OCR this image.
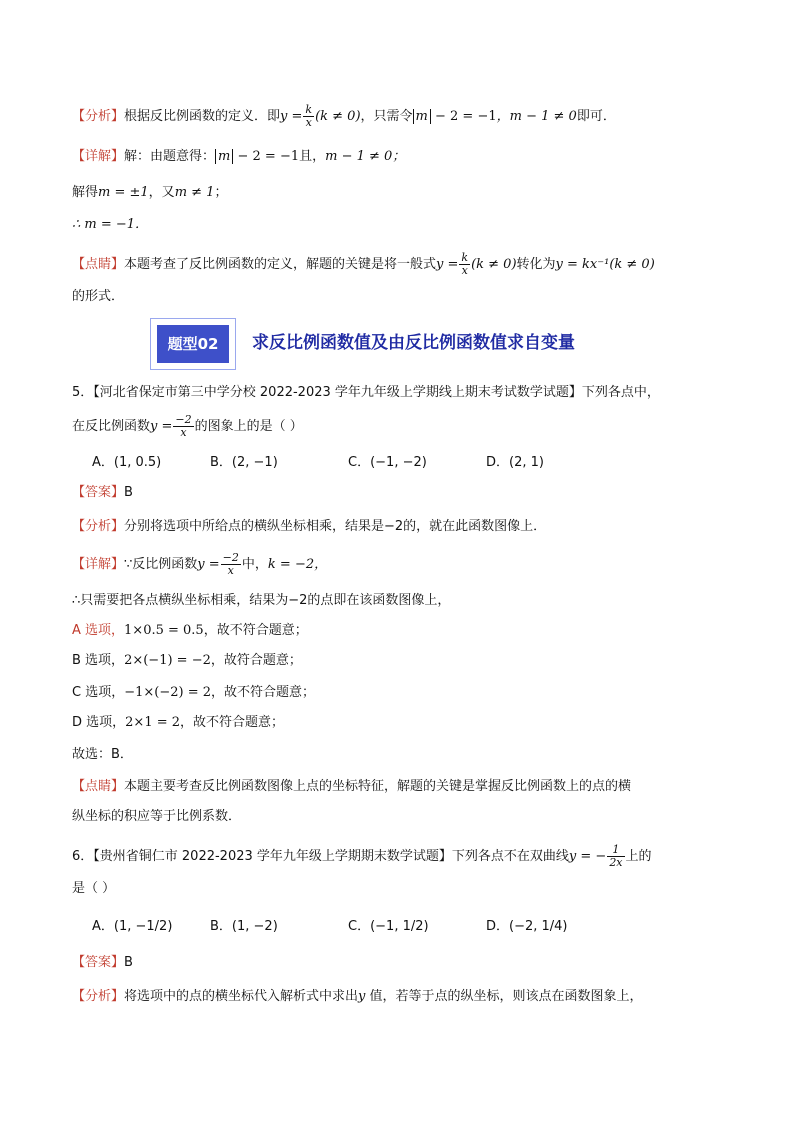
【分析】根据反比例函数的定义．即$y = \frac{k}{x} (k \ne 0)$，只需令 m − 2 = −1，m − 1 ≠ 0即可．
【详解】解：由题意得： m − 2 = −1且，m − 1 ≠ 0；
解得m = ±1，又m ≠ 1；
∴ m = −1．
【点睛】本题考查了反比例函数的定义，解题的关键是将一般式$y = \frac{k}{x} (k \ne 0)$转化为y = kx⁻¹(k ≠ 0)
的形式．
题型02	求反比例函数值及由反比例函数值求自变量
5．【河北省保定市第三中学分校 2022-2023 学年九年级上学期线上期末考试数学试题】下列各点中，
在反比例函数$y = \frac{-2}{x}$ 的图象上的是（ ）
A．(1, 0.5)	B．(2, −1)	C．(−1, −2)	D．(2, 1)
【答案】B
【分析】分别将选项中所给点的横纵坐标相乘，结果是−2的，就在此函数图像上．
【详解】∵反比例函数$y = \frac{-2}{x}$ 中，k = −2，
∴只需要把各点横纵坐标相乘，结果为−2的点即在该函数图像上，
A 选项，1×0.5 = 0.5，故不符合题意；
B 选项，2×(−1) = −2，故符合题意；
C 选项，−1×(−2) = 2，故不符合题意；
D 选项，2×1 = 2，故不符合题意；
故选：B．
【点睛】本题主要考查反比例函数图像上点的坐标特征，解题的关键是掌握反比例函数上的点的横
纵坐标的积应等于比例系数．
6．【贵州省铜仁市 2022-2023 学年九年级上学期期末数学试题】下列各点不在双曲线y = − $\frac{1}{2x}$ 上的
是（ ）
A．(1, −1/2)	B．(1, −2)	C．(−1, 1/2)	D．(−2, 1/4)
【答案】B
【分析】将选项中的点的横坐标代入解析式中求出y 值，若等于点的纵坐标，则该点在函数图象上，
